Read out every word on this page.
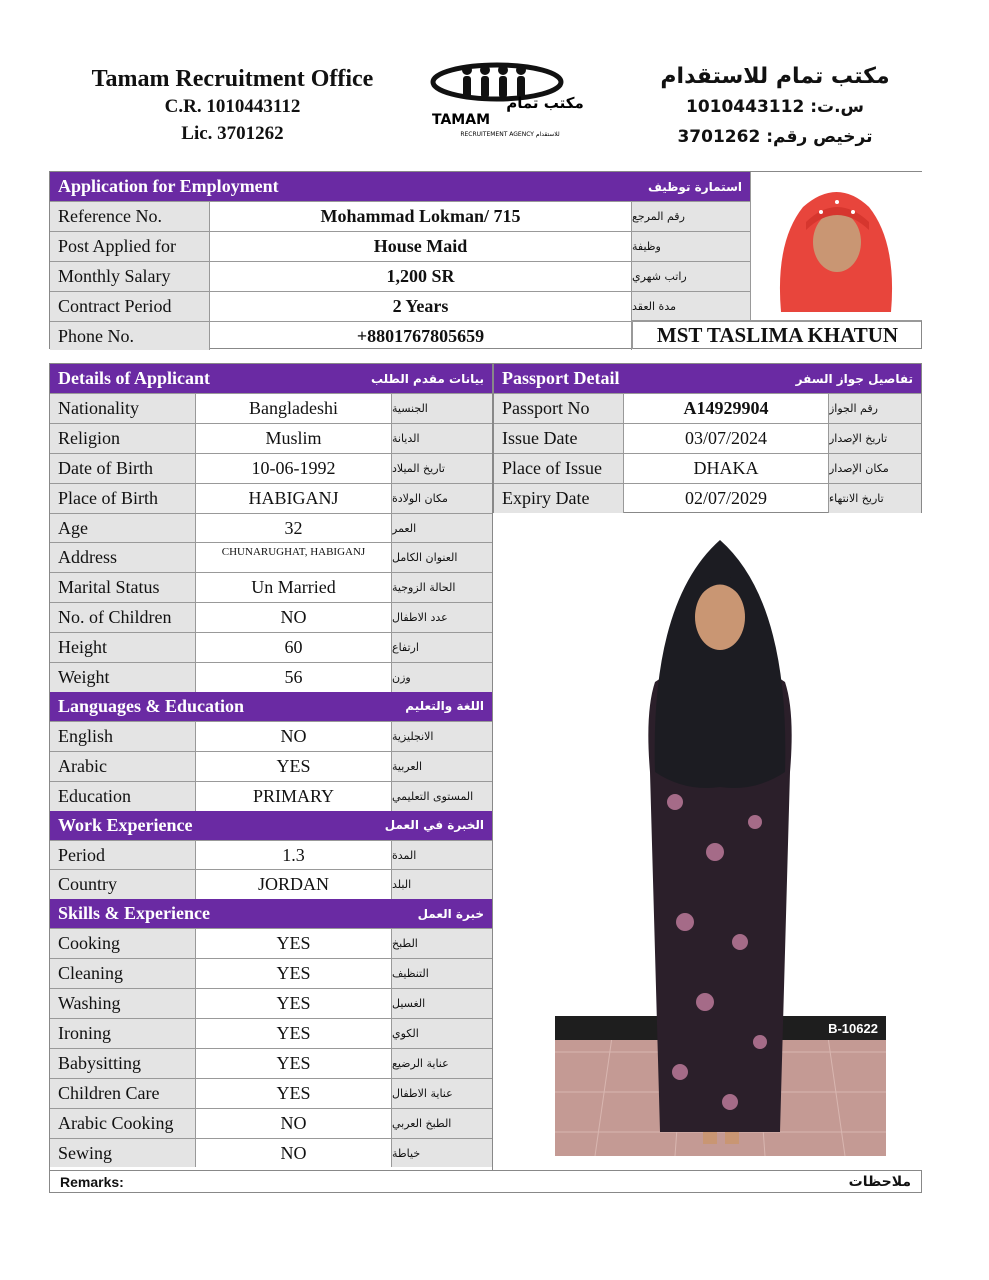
Tamam Recruitment Office
C.R. 1010443112
Lic. 3701262
مكتب تمام
TAMAM
RECRUITEMENT AGENCY للاستقدام
مكتب تمام للاستقدام
س.ت: 1010443112
ترخيص رقم: 3701262
Application for Employment	استمارة توظيف
Reference No.	Mohammad Lokman/ 715	رقم المرجع
Post Applied for	House Maid	وظيفة
Monthly Salary	1,200 SR	راتب شهري
Contract Period	2 Years	مدة العقد
Phone No.	+8801767805659	MST TASLIMA KHATUN
Details of Applicant	بيانات مقدم الطلب
Nationality	Bangladeshi	الجنسية
Religion	Muslim	الديانة
Date of Birth	10-06-1992	تاريخ الميلاد
Place of Birth	HABIGANJ	مكان الولادة
Age	32	العمر
Address	CHUNARUGHAT, HABIGANJ	العنوان الكامل
Marital Status	Un Married	الحالة الزوجية
No. of Children	NO	عدد الاطفال
Height	60	ارتفاع
Weight	56	وزن
Languages & Education	اللغة والتعليم
English	NO	الانجليزية
Arabic	YES	العربية
Education	PRIMARY	المستوى التعليمي
Work Experience	الخبرة في العمل
Period	1.3	المدة
Country	JORDAN	البلد
Skills & Experience	خبرة العمل
Cooking	YES	الطبخ
Cleaning	YES	التنظيف
Washing	YES	الغسيل
Ironing	YES	الكوي
Babysitting	YES	عناية الرضيع
Children Care	YES	عناية الاطفال
Arabic Cooking	NO	الطبخ العربي
Sewing	NO	خياطة
Passport Detail	تفاصيل جواز السفر
Passport No	A14929904	رقم الجواز
Issue Date	03/07/2024	تاريخ الإصدار
Place of Issue	DHAKA	مكان الإصدار
Expiry Date	02/07/2029	تاريخ الانتهاء
B-10622
Remarks:	ملاحظات
